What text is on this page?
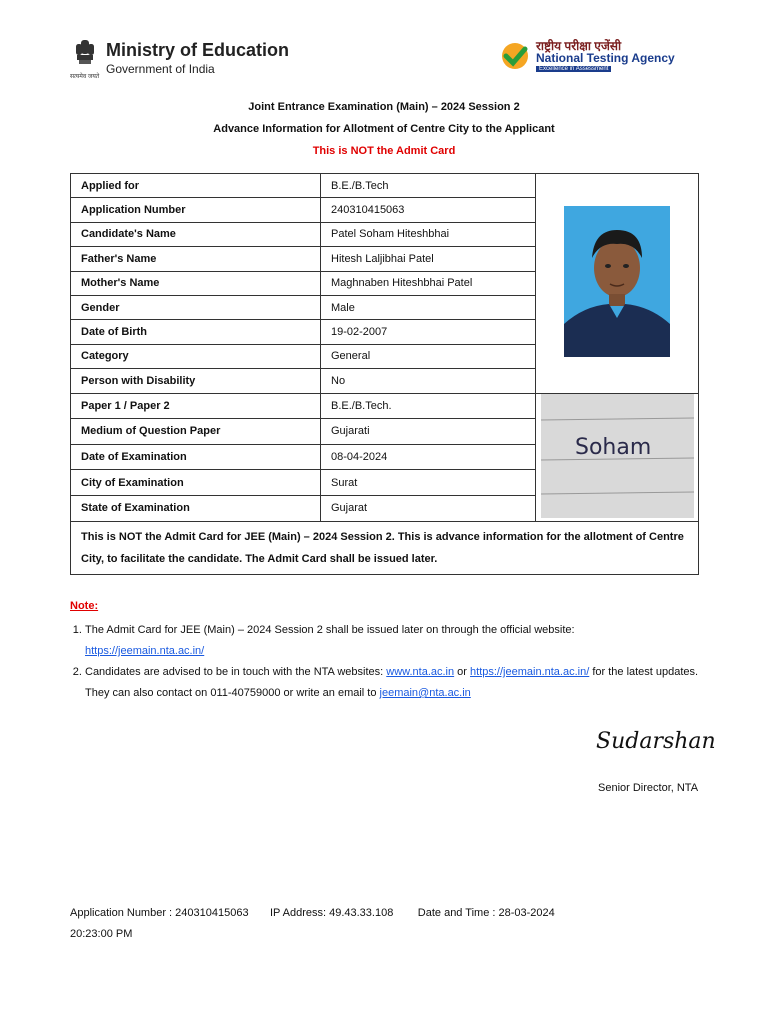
Ministry of Education
Government of India
सत्यमेव जयते
राष्ट्रीय परीक्षा एजेंसी
National Testing Agency
Excellence in Assessment
Joint Entrance Examination (Main) – 2024 Session 2
Advance Information for Allotment of Centre City to the Applicant
This is NOT the Admit Card
Applied for	B.E./B.Tech	
Application Number	240310415063	
Candidate's Name	Patel Soham Hiteshbhai	
Father's Name	Hitesh Laljibhai Patel	
Mother's Name	Maghnaben Hiteshbhai Patel	
Gender	Male	
Date of Birth	19-02-2007	
Category	General	
Person with Disability	No	
Paper 1 / Paper 2	B.E./B.Tech.	Soham

Medium of Question Paper	Gujarati	
Date of Examination	08-04-2024	
City of Examination	Surat	
State of Examination	Gujarat	
This is NOT the Admit Card for JEE (Main) – 2024 Session 2. This is advance information for the allotment of Centre City, to facilitate the candidate. The Admit Card shall be issued later.		
Note:
1. The Admit Card for JEE (Main) – 2024 Session 2 shall be issued later on through the official website:
https://jeemain.nta.ac.in/
2. Candidates are advised to be in touch with the NTA websites: www.nta.ac.in or https://jeemain.nta.ac.in/ for the latest updates. They can also contact on 011-40759000 or write an email to jeemain@nta.ac.in
Sudarshan
Senior Director, NTA
Application Number : 240310415063 IP Address: 49.43.33.108 Date and Time : 28-03-2024
20:23:00 PM
